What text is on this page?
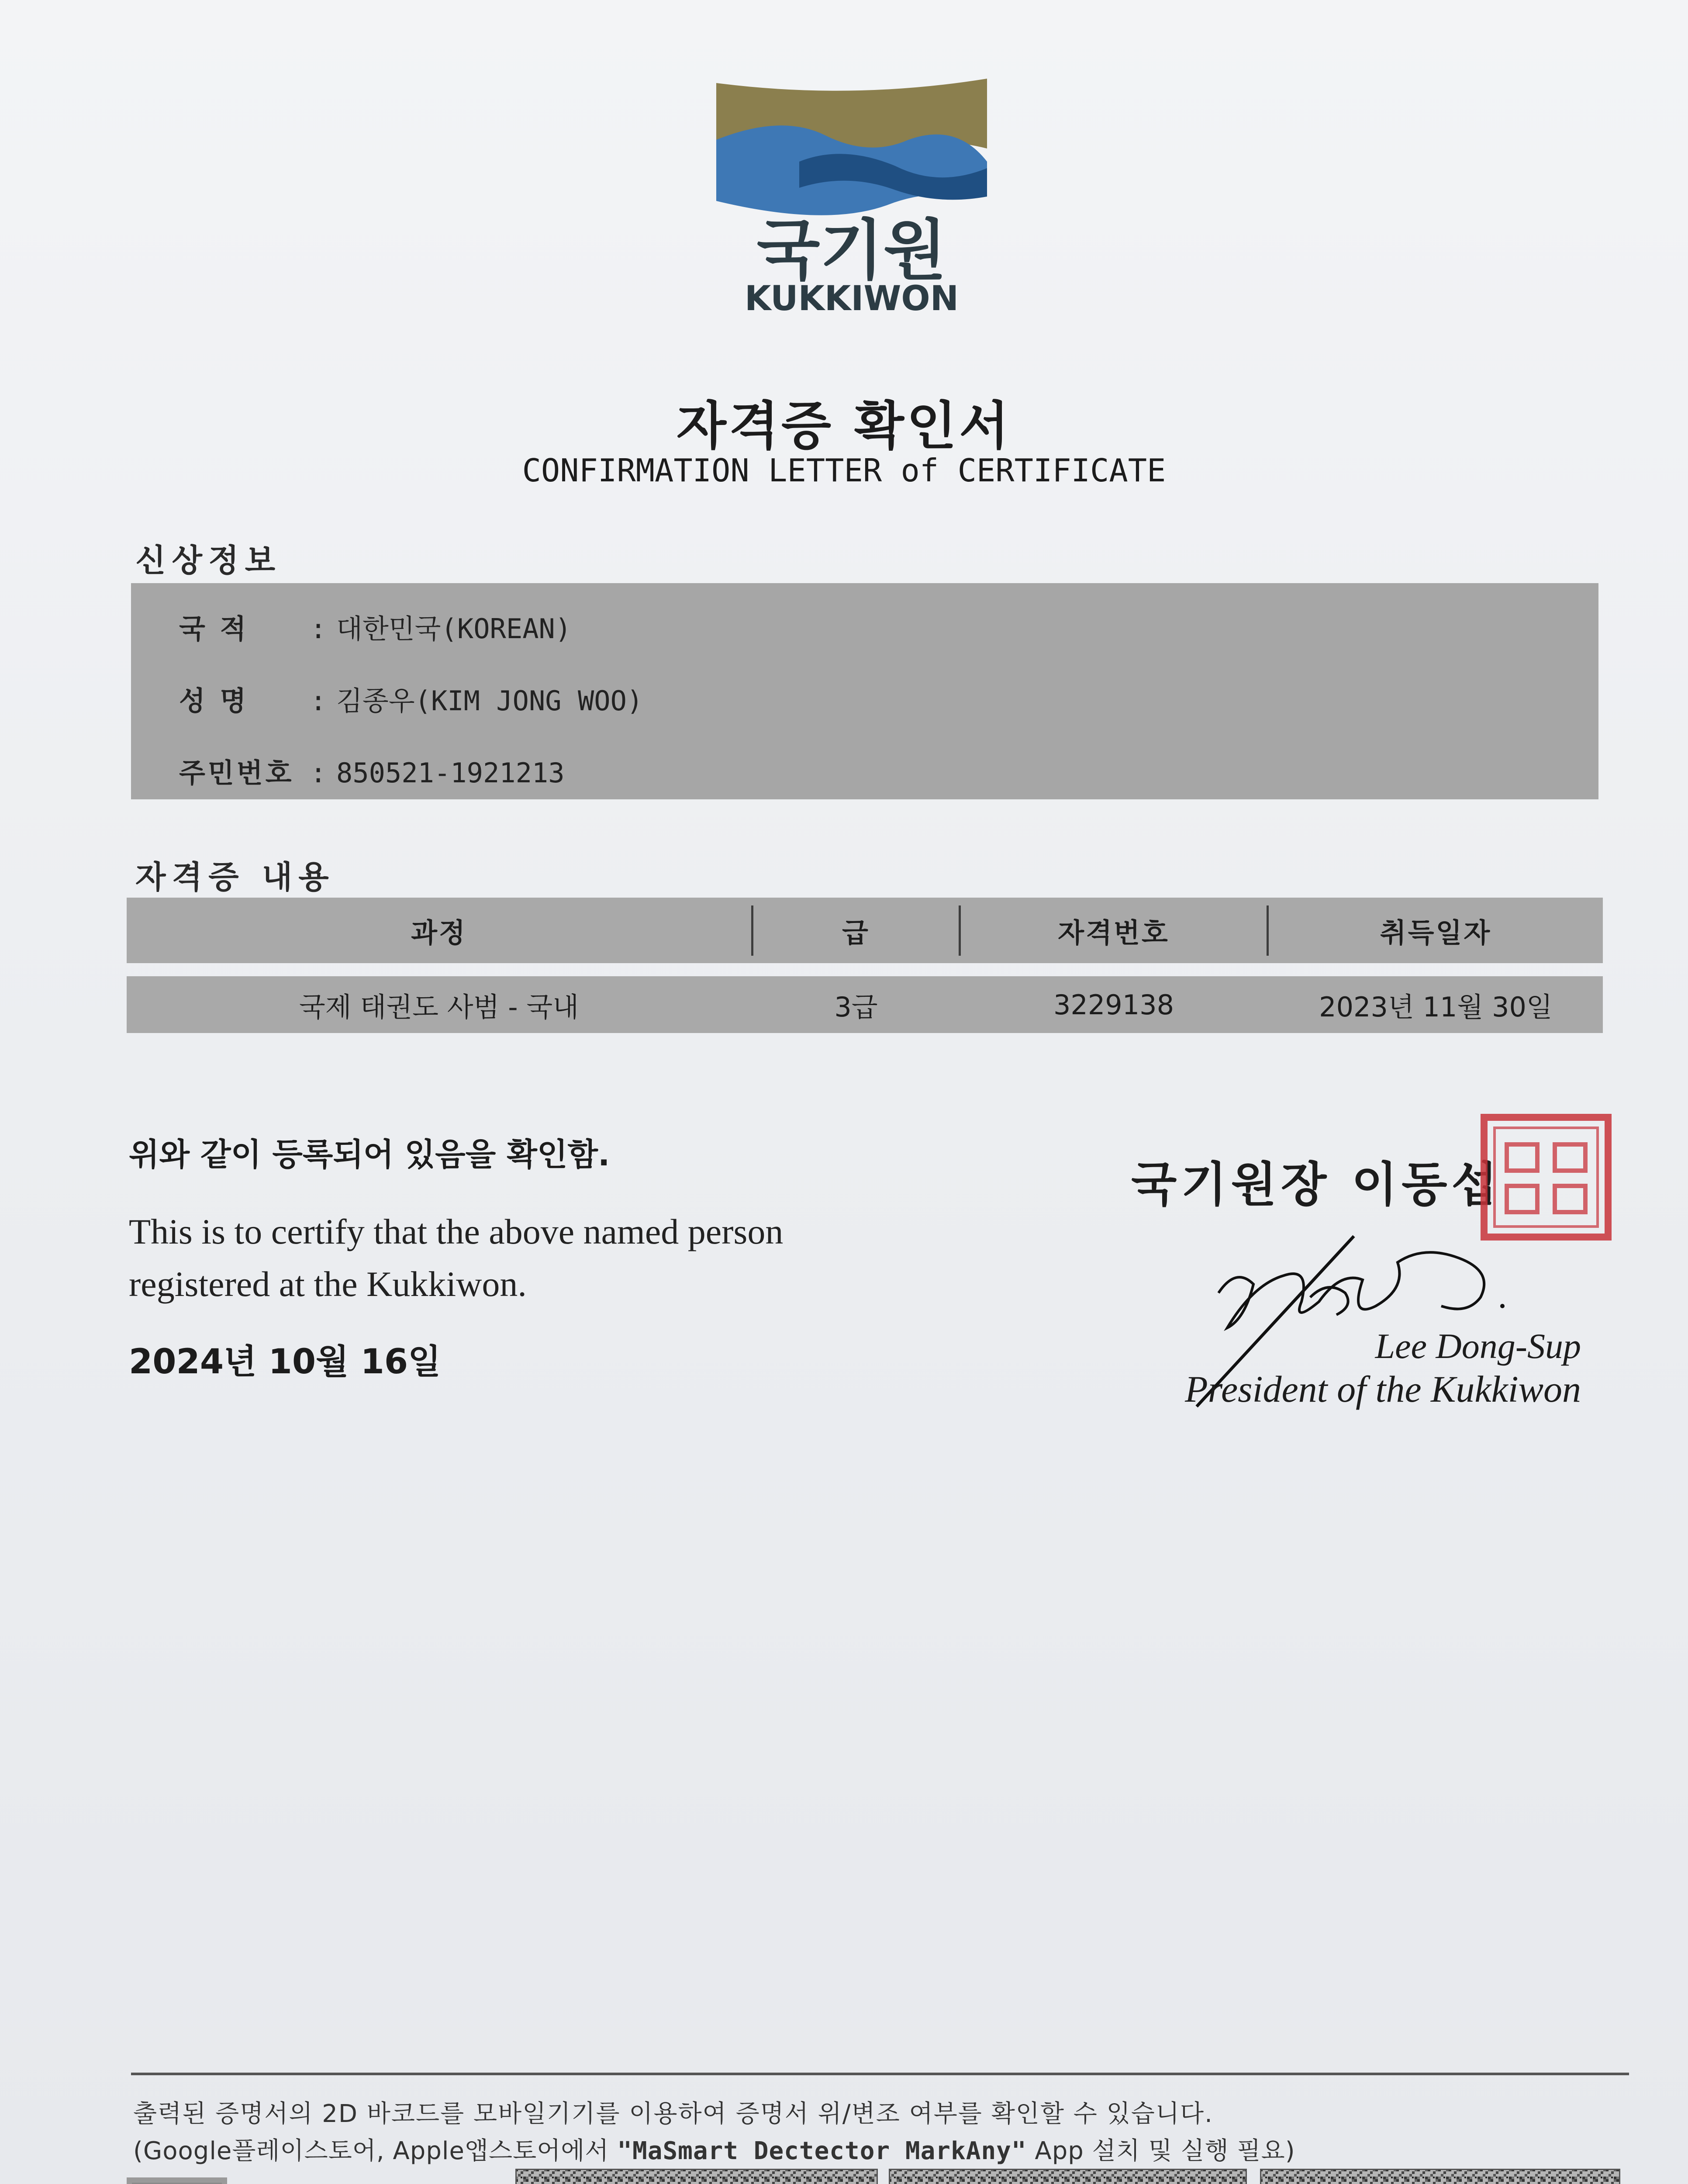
국기원
KUKKIWON
자격증 확인서
CONFIRMATION LETTER of CERTIFICATE
신상정보
국 적 : 대한민국(KOREAN)
성 명 : 김종우(KIM JONG WOO)
주민번호 : 850521-1921213
자격증 내용
과정	급	자격번호	취득일자
국제 태권도 사범 - 국내	3급	3229138	2023년 11월 30일
위와 같이 등록되어 있음을 확인함.
This is to certify that the above named person registered at the Kukkiwon.
2024년 10월 16일
국기원장 이동섭
Lee Dong-Sup
President of the Kukkiwon
출력된 증명서의 2D 바코드를 모바일기기를 이용하여 증명서 위/변조 여부를 확인할 수 있습니다.
(Google플레이스토어, Apple앱스토어에서 "MaSmart Dectector MarkAny" App 설치 및 실행 필요)
